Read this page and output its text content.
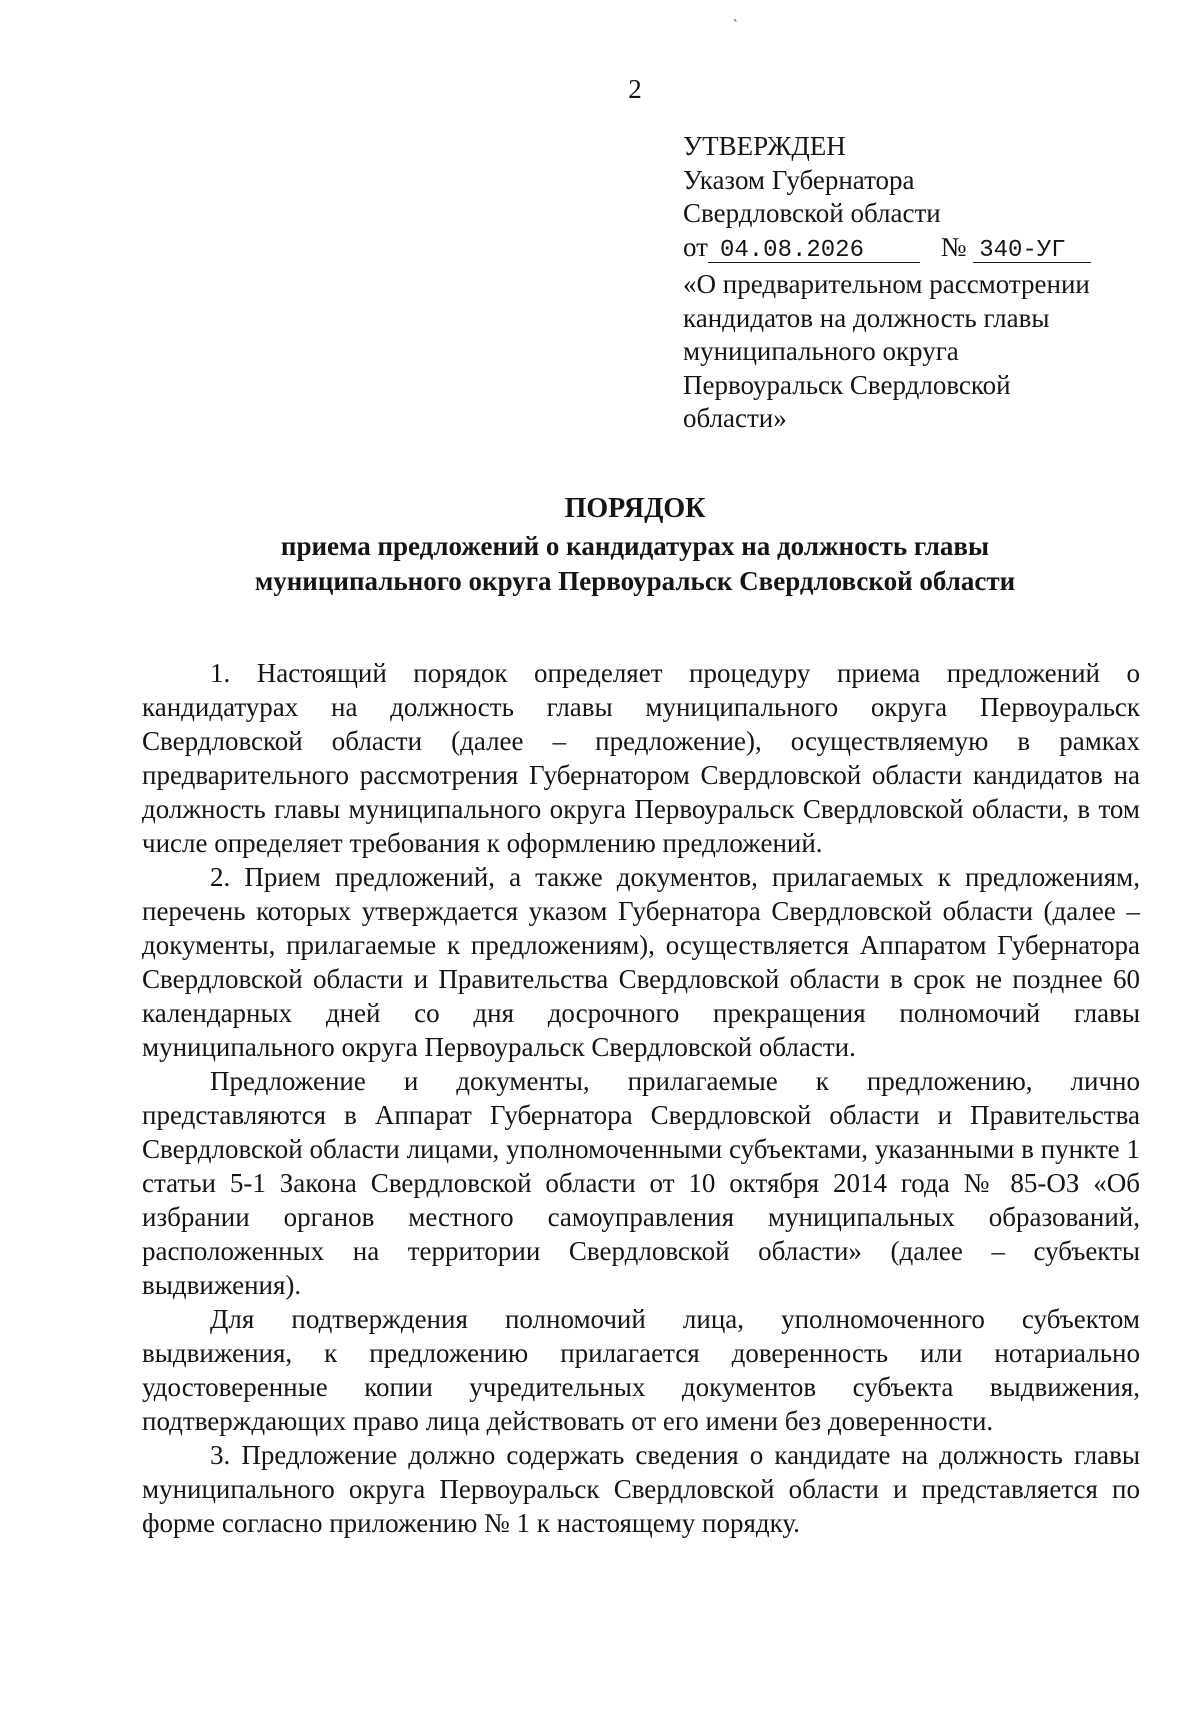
`
2
УТВЕРЖДЕН
Указом Губернатора
Свердловской области
от 04.08.2026	№ 340-УГ
«О предварительном рассмотрении
кандидатов на должность главы
муниципального округа
Первоуральск Свердловской
области»
ПОРЯДОК
приема предложений о кандидатурах на должность главы
муниципального округа Первоуральск Свердловской области

1. Настоящий порядок определяет процедуру приема предложений о кандидатурах на должность главы муниципального округа Первоуральск Свердловской области (далее – предложение), осуществляемую в рамках предварительного рассмотрения Губернатором Свердловской области кандидатов на должность главы муниципального округа Первоуральск Свердловской области, в том числе определяет требования к оформлению предложений.

2. Прием предложений, а также документов, прилагаемых к предложениям, перечень которых утверждается указом Губернатора Свердловской области (далее – документы, прилагаемые к предложениям), осуществляется Аппаратом Губернатора Свердловской области и Правительства Свердловской области в срок не позднее 60 календарных дней со дня досрочного прекращения полномочий главы муниципального округа Первоуральск Свердловской области.

Предложение и документы, прилагаемые к предложению, лично представляются в Аппарат Губернатора Свердловской области и Правительства Свердловской области лицами, уполномоченными субъектами, указанными в пункте 1 статьи 5-1 Закона Свердловской области от 10 октября 2014 года № 85-ОЗ «Об избрании органов местного самоуправления муниципальных образований, расположенных на территории Свердловской области» (далее – субъекты выдвижения).

Для подтверждения полномочий лица, уполномоченного субъектом выдвижения, к предложению прилагается доверенность или нотариально удостоверенные копии учредительных документов субъекта выдвижения, подтверждающих право лица действовать от его имени без доверенности.

3. Предложение должно содержать сведения о кандидате на должность главы муниципального округа Первоуральск Свердловской области и представляется по форме согласно приложению № 1 к настоящему порядку.
